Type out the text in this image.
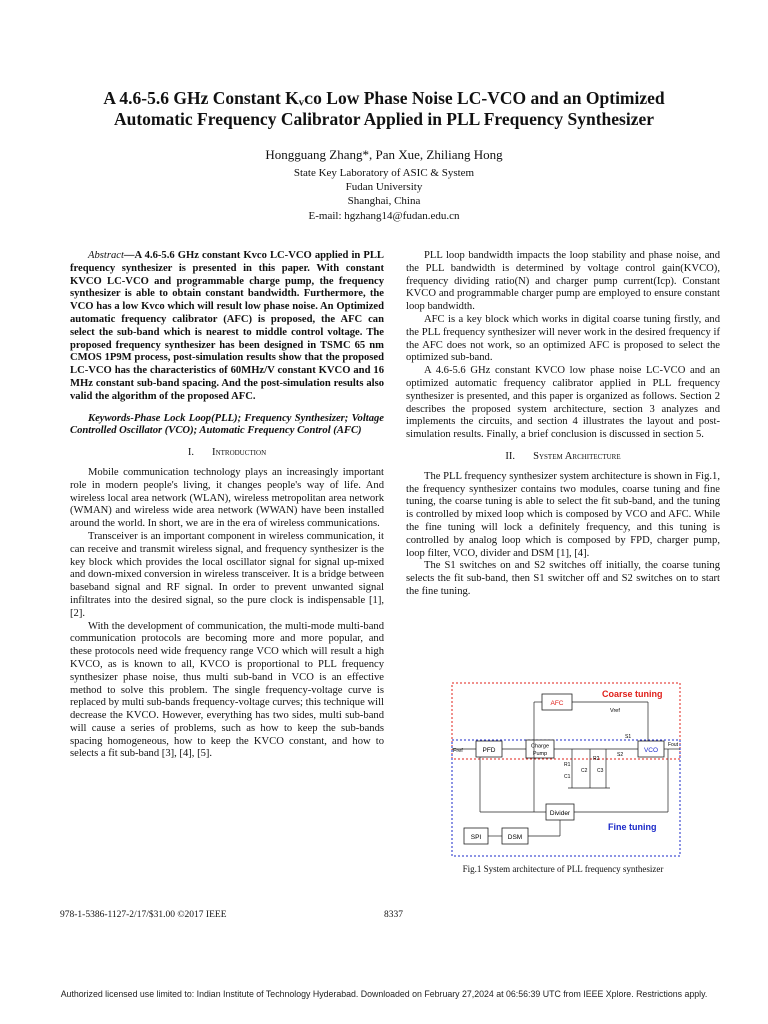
A 4.6-5.6 GHz Constant Kᵥᴄᴏ Low Phase Noise LC-VCO and an Optimized
Automatic Frequency Calibrator Applied in PLL Frequency Synthesizer
Hongguang Zhang*, Pan Xue, Zhiliang Hong
State Key Laboratory of ASIC & System
Fudan University
Shanghai, China
E-mail: hgzhang14@fudan.edu.cn

Abstract—A 4.6-5.6 GHz constant Kvco LC-VCO applied in PLL frequency synthesizer is presented in this paper. With constant KVCO LC-VCO and programmable charge pump, the frequency synthesizer is able to obtain constant bandwidth. Furthermore, the VCO has a low Kvco which will result low phase noise. An Optimized automatic frequency calibrator (AFC) is proposed, the AFC can select the sub-band which is nearest to middle control voltage. The proposed frequency synthesizer has been designed in TSMC 65 nm CMOS 1P9M process, post-simulation results show that the proposed LC-VCO has the characteristics of 60MHz/V constant KVCO and 16 MHz constant sub-band spacing. And the post-simulation results also valid the algorithm of the proposed AFC.

Keywords-Phase Lock Loop(PLL); Frequency Synthesizer; Voltage Controlled Oscillator (VCO); Automatic Frequency Control (AFC)

I. Introduction

Mobile communication technology plays an increasingly important role in modern people's living, it changes people's way of life. And wireless local area network (WLAN), wireless metropolitan area network (WMAN) and wireless wide area network (WWAN) have been installed around the world. In short, we are in the era of wireless communications.

Transceiver is an important component in wireless communication, it can receive and transmit wireless signal, and frequency synthesizer is the key block which provides the local oscillator signal for signal up-mixed and down-mixed conversion in wireless transceiver. It is a bridge between baseband signal and RF signal. In order to prevent unwanted signal infiltrates into the desired signal, so the pure clock is indispensable [1], [2].

With the development of communication, the multi-mode multi-band communication protocols are becoming more and more popular, and these protocols need wide frequency range VCO which will result a high KVCO, as is known to all, KVCO is proportional to PLL frequency synthesizer phase noise, thus multi sub-band in VCO is an effective method to solve this problem. The single frequency-voltage curve is replaced by multi sub-bands frequency-voltage curves; this technique will decrease the KVCO. However, everything has two sides, multi sub-band will cause a series of problems, such as how to keep the sub-bands spacing homogeneous, how to keep the KVCO constant, and how to selects a fit sub-band [3], [4], [5].

PLL loop bandwidth impacts the loop stability and phase noise, and the PLL bandwidth is determined by voltage control gain(KVCO), frequency dividing ratio(N) and charger pump current(Icp). Constant KVCO and programmable charger pump are employed to ensure constant loop bandwidth.

AFC is a key block which works in digital coarse tuning firstly, and the PLL frequency synthesizer will never work in the desired frequency if the AFC does not work, so an optimized AFC is proposed to select the optimized sub-band.

A 4.6-5.6 GHz constant KVCO low phase noise LC-VCO and an optimized automatic frequency calibrator applied in PLL frequency synthesizer is presented, and this paper is organized as follows. Section 2 describes the proposed system architecture, section 3 analyzes and implements the circuits, and section 4 illustrates the layout and post-simulation results. Finally, a brief conclusion is discussed in section 5.

II. System Architecture

The PLL frequency synthesizer system architecture is shown in Fig.1, the frequency synthesizer contains two modules, coarse tuning and fine tuning, the coarse tuning is able to select the fit sub-band, and the tuning is controlled by mixed loop which is composed by VCO and AFC. While the fine tuning will lock a definitely frequency, and this tuning is controlled by analog loop which is composed by FPD, charger pump, loop filter, VCO, divider and DSM [1], [4].

The S1 switches on and S2 switches off initially, the coarse tuning selects the fit sub-band, then S1 switcher off and S2 switches on to start the fine tuning.

Coarse tuning
Fine tuning
AFC
Vref
Fref	PFD
Charge
Pump	VCO
Fout
S1
S2
R1
C1
C2
R2
C3
Divider
SPI	DSM
Fig.1 System architecture of PLL frequency synthesizer
978-1-5386-1127-2/17/$31.00 ©2017 IEEE	8337
Authorized licensed use limited to: Indian Institute of Technology Hyderabad. Downloaded on February 27,2024 at 06:56:39 UTC from IEEE Xplore. Restrictions apply.
